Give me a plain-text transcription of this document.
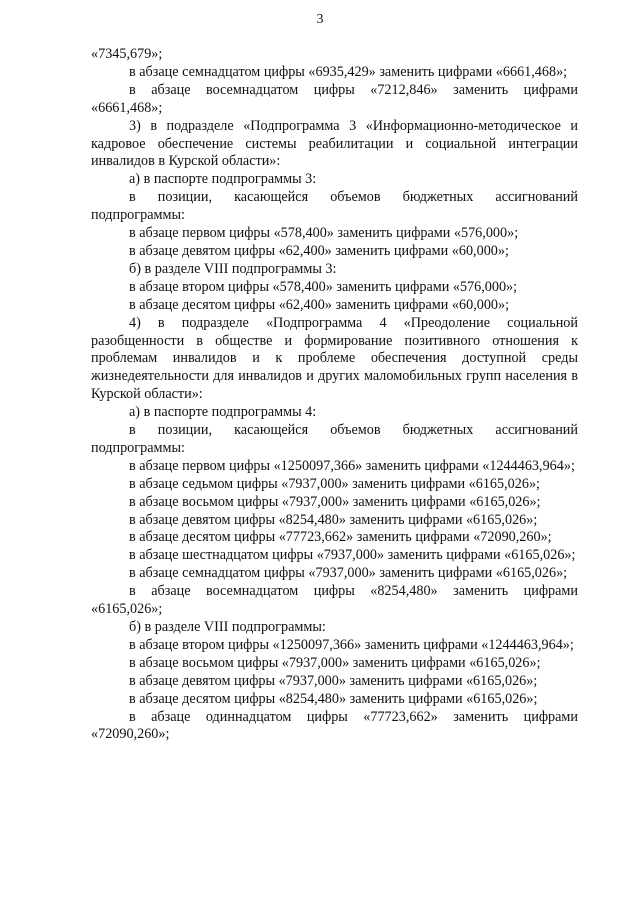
3

«7345,679»;

в абзаце семнадцатом цифры «6935,429» заменить цифрами «6661,468»;

в абзаце восемнадцатом цифры «7212,846» заменить цифрами «6661,468»;

3) в подразделе «Подпрограмма 3 «Информационно-методическое и кадровое обеспечение системы реабилитации и социальной интеграции инвалидов в Курской области»:

а) в паспорте подпрограммы 3:

в позиции, касающейся объемов бюджетных ассигнований подпрограммы:

в абзаце первом цифры «578,400» заменить цифрами «576,000»;

в абзаце девятом цифры «62,400» заменить цифрами «60,000»;

б) в разделе VIII подпрограммы 3:

в абзаце втором цифры «578,400» заменить цифрами «576,000»;

в абзаце десятом цифры «62,400» заменить цифрами «60,000»;

4) в подразделе «Подпрограмма 4 «Преодоление социальной разобщенности в обществе и формирование позитивного отношения к проблемам инвалидов и к проблеме обеспечения доступной среды жизнедеятельности для инвалидов и других маломобильных групп населения в Курской области»:

а) в паспорте подпрограммы 4:

в позиции, касающейся объемов бюджетных ассигнований подпрограммы:

в абзаце первом цифры «1250097,366» заменить цифрами «1244463,964»;

в абзаце седьмом цифры «7937,000» заменить цифрами «6165,026»;

в абзаце восьмом цифры «7937,000» заменить цифрами «6165,026»;

в абзаце девятом цифры «8254,480» заменить цифрами «6165,026»;

в абзаце десятом цифры «77723,662» заменить цифрами «72090,260»;

в абзаце шестнадцатом цифры «7937,000» заменить цифрами «6165,026»;

в абзаце семнадцатом цифры «7937,000» заменить цифрами «6165,026»;

в абзаце восемнадцатом цифры «8254,480» заменить цифрами «6165,026»;

б) в разделе VIII подпрограммы:

в абзаце втором цифры «1250097,366» заменить цифрами «1244463,964»;

в абзаце восьмом цифры «7937,000» заменить цифрами «6165,026»;

в абзаце девятом цифры «7937,000» заменить цифрами «6165,026»;

в абзаце десятом цифры «8254,480» заменить цифрами «6165,026»;

в абзаце одиннадцатом цифры «77723,662» заменить цифрами «72090,260»;
